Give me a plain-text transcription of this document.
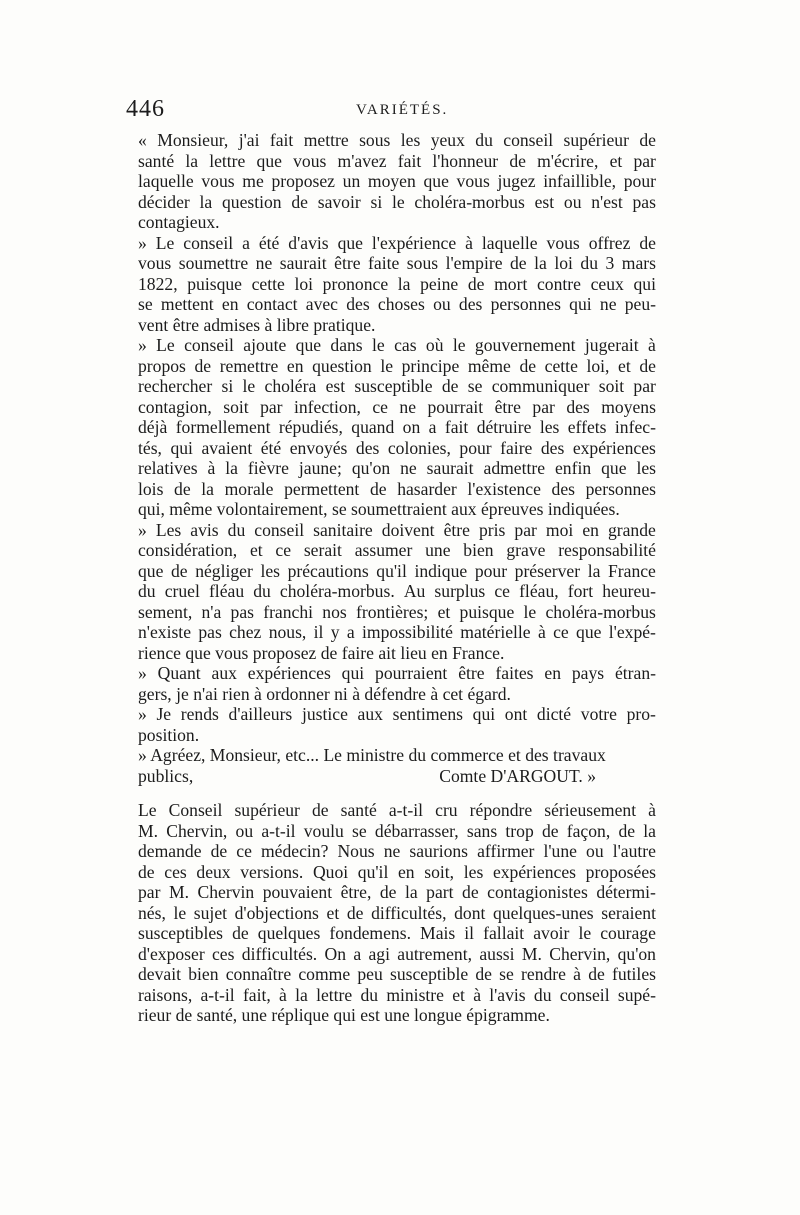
446	VARIÉTÉS.
« Monsieur, j'ai fait mettre sous les yeux du conseil supérieur de
santé la lettre que vous m'avez fait l'honneur de m'écrire, et par
laquelle vous me proposez un moyen que vous jugez infaillible, pour
décider la question de savoir si le choléra-morbus est ou n'est pas
contagieux.
» Le conseil a été d'avis que l'expérience à laquelle vous offrez de
vous soumettre ne saurait être faite sous l'empire de la loi du 3 mars
1822, puisque cette loi prononce la peine de mort contre ceux qui
se mettent en contact avec des choses ou des personnes qui ne peu-
vent être admises à libre pratique.
» Le conseil ajoute que dans le cas où le gouvernement jugerait à
propos de remettre en question le principe même de cette loi, et de
rechercher si le choléra est susceptible de se communiquer soit par
contagion, soit par infection, ce ne pourrait être par des moyens
déjà formellement répudiés, quand on a fait détruire les effets infec-
tés, qui avaient été envoyés des colonies, pour faire des expériences
relatives à la fièvre jaune; qu'on ne saurait admettre enfin que les
lois de la morale permettent de hasarder l'existence des personnes
qui, même volontairement, se soumettraient aux épreuves indiquées.
» Les avis du conseil sanitaire doivent être pris par moi en grande
considération, et ce serait assumer une bien grave responsabilité
que de négliger les précautions qu'il indique pour préserver la France
du cruel fléau du choléra-morbus. Au surplus ce fléau, fort heureu-
sement, n'a pas franchi nos frontières; et puisque le choléra-morbus
n'existe pas chez nous, il y a impossibilité matérielle à ce que l'expé-
rience que vous proposez de faire ait lieu en France.
» Quant aux expériences qui pourraient être faites en pays étran-
gers, je n'ai rien à ordonner ni à défendre à cet égard.
» Je rends d'ailleurs justice aux sentimens qui ont dicté votre pro-
position.
» Agréez, Monsieur, etc... Le ministre du commerce et des travaux
publics,	Comte D'ARGOUT. »
Le Conseil supérieur de santé a-t-il cru répondre sérieusement à
M. Chervin, ou a-t-il voulu se débarrasser, sans trop de façon, de la
demande de ce médecin? Nous ne saurions affirmer l'une ou l'autre
de ces deux versions. Quoi qu'il en soit, les expériences proposées
par M. Chervin pouvaient être, de la part de contagionistes détermi-
nés, le sujet d'objections et de difficultés, dont quelques-unes seraient
susceptibles de quelques fondemens. Mais il fallait avoir le courage
d'exposer ces difficultés. On a agi autrement, aussi M. Chervin, qu'on
devait bien connaître comme peu susceptible de se rendre à de futiles
raisons, a-t-il fait, à la lettre du ministre et à l'avis du conseil supé-
rieur de santé, une réplique qui est une longue épigramme.
